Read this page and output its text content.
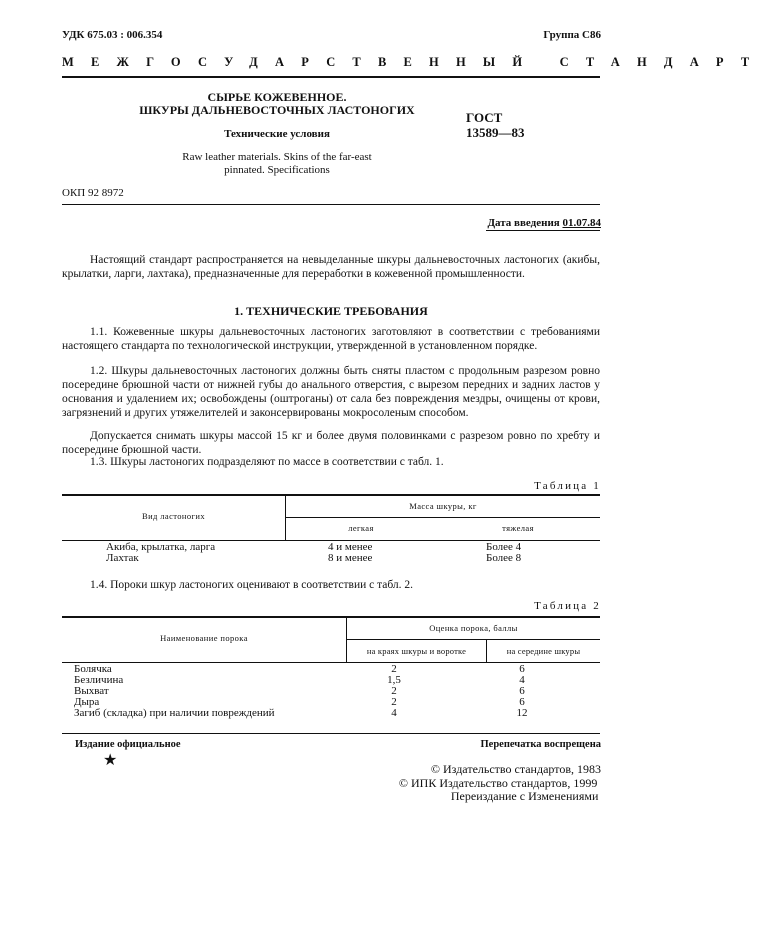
УДК 675.03 : 006.354	Группа С86
МЕЖГОСУДАРСТВЕННЫЙ СТАНДАРТ
СЫРЬЕ КОЖЕВЕННОЕ.
ШКУРЫ ДАЛЬНЕВОСТОЧНЫХ ЛАСТОНОГИХ
Технические условия
Raw leather materials. Skins of the far-east
pinnated. Specifications
ГОСТ
13589—83
ОКП 92 8972
Дата введения 01.07.84
Настоящий стандарт распространяется на невыделанные шкуры дальневосточных ластоногих (акибы, крылатки, ларги, лахтака), предназначенные для переработки в кожевенной промышленности.
1. ТЕХНИЧЕСКИЕ ТРЕБОВАНИЯ
1.1. Кожевенные шкуры дальневосточных ластоногих заготовляют в соответствии с требованиями настоящего стандарта по технологической инструкции, утвержденной в установленном порядке.
1.2. Шкуры дальневосточных ластоногих должны быть сняты пластом с продольным разрезом ровно посередине брюшной части от нижней губы до анального отверстия, с вырезом передних и задних ластов у основания и удалением их; освобождены (оштроганы) от сала без повреждения мездры, очищены от крови, загрязнений и других утяжелителей и законсервированы мокросоленым способом.
Допускается снимать шкуры массой 15 кг и более двумя половинками с разрезом ровно по хребту и посередине брюшной части.
1.3. Шкуры ластоногих подразделяют по массе в соответствии с табл. 1.
Таблица 1
Вид ластоногих
Масса шкуры, кг
легкая	тяжелая
Акиба, крылатка, ларга	4 и менее	Более 4
Лахтак	8 и менее	Более 8
1.4. Пороки шкур ластоногих оценивают в соответствии с табл. 2.
Таблица 2
Наименование порока
Оценка порока, баллы
на краях шкуры и воротке	на середине шкуры
Болячка	2	6
Безличина	1,5	4
Выхват	2	6
Дыра	2	6
Загиб (складка) при наличии повреждений	4	12
Издание официальное	Перепечатка воспрещена
★	© Издательство стандартов, 1983
© ИПК Издательство стандартов, 1999
Переиздание с Изменениями
